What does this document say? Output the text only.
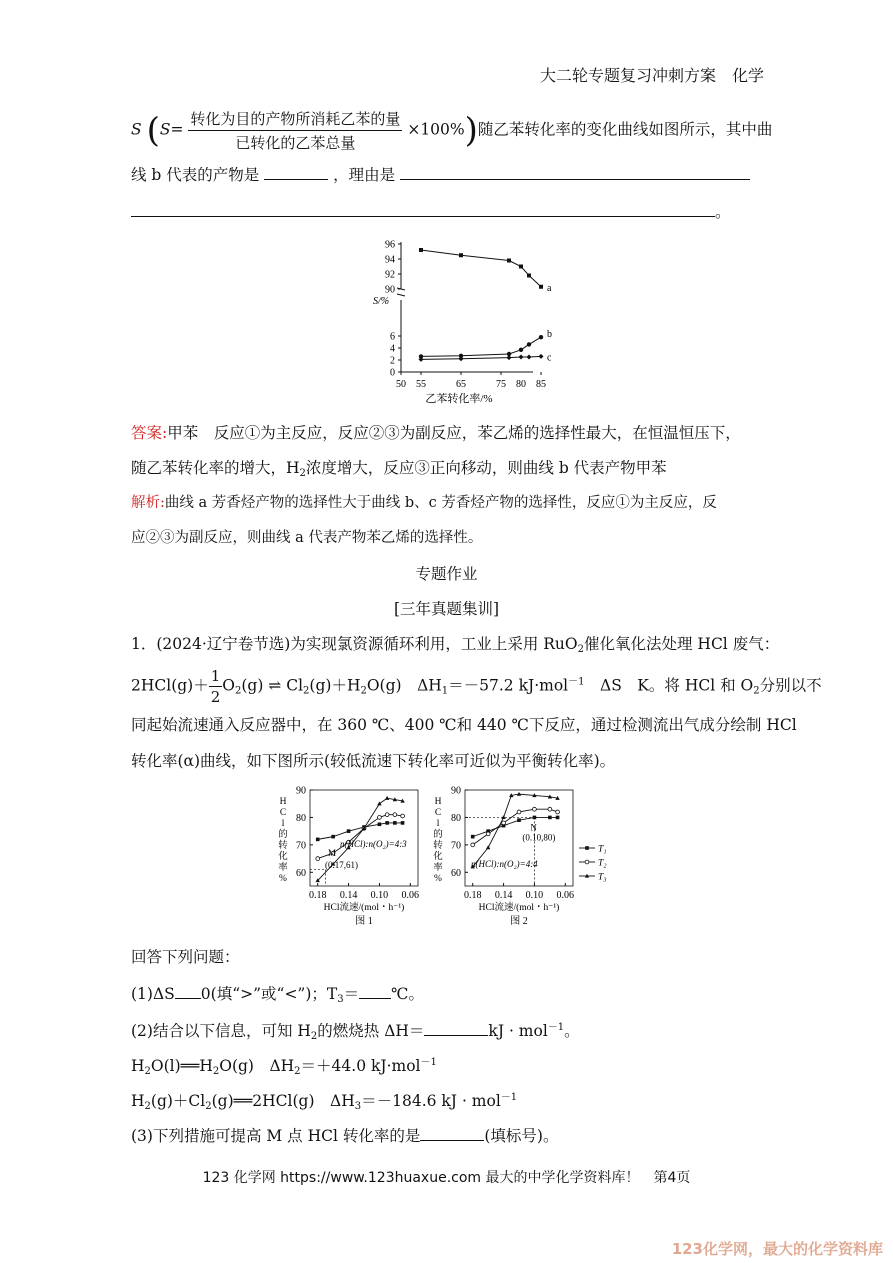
大二轮专题复习冲刺方案　化学
S $(S= \frac{\text{转化为目的产物所消耗乙苯的量}}{\text{已转化的乙苯总量}} \times 100\%)$随乙苯转化率的变化曲线如图所示，其中曲
线 b 代表的产物是	，理由是
。
96
94
92
90
6
4
2
0
50 55	65	75	85
80
a
b
c
S/%
乙苯转化率/%
答案:甲苯　反应①为主反应，反应②③为副反应，苯乙烯的选择性最大，在恒温恒压下，
随乙苯转化率的增大，$H_2$浓度增大，反应③正向移动，则曲线 b 代表产物甲苯
解析:曲线 a 芳香烃产物的选择性大于曲线 b、c 芳香烃产物的选择性，反应①为主反应，反
应②③为副反应，则曲线 a 代表产物苯乙烯的选择性。
专题作业
[三年真题集训]
1．(2024·辽宁卷节选)为实现氯资源循环利用，工业上采用 RuO$_2$催化氧化法处理 HCl 废气：
$2HCl(g)+ \frac{1}{2} O_2(g)$ ⇌ $Cl_2(g)+H_2O(g)$　$\Delta H_1=-57.2$ kJ·mol$^{-1}$　ΔS　K。将 HCl 和 $O_2$分别以不
同起始流速通入反应器中，在 360 ℃、400 ℃和 440 ℃下反应，通过检测流出气成分绘制 HCl
转化率(α)曲线，如下图所示(较低流速下转化率可近似为平衡转化率)。
90
80
70
60
0.18 0.14 0.10 0.06
H
C
l
的
转
化
率
%
HCl流速/(mol・h⁻¹)
图 1
n(HCl):n(O₂)=4:3
M
(0.17,61)
90
80
70
60
0.18 0.14 0.10 0.06
H
C
l
的
转
化
率
%
HCl流速/(mol・h⁻¹)
图 2
N
(0.10,80)
n(HCl):n(O₂)=4:4
T₁
T₂
T₃
回答下列问题：
(1)ΔS 0(填“>”或“<”)；$T_3=$ ℃。
(2)结合以下信息，可知 $H_2$的燃烧热 ΔH＝	kJ · mol$^{-1}$。
$H_2O(l)══H_2O(g)$　$\Delta H_2=+44.0$ kJ·mol$^{-1}$
$H_2(g)+Cl_2(g)══2HCl(g)$　$\Delta H_3=-184.6$ kJ · mol$^{-1}$
(3)下列措施可提高 M 点 HCl 转化率的是	(填标号)。
123 化学网 https://www.123huaxue.com 最大的中学化学资料库！　第4页
123化学网，最大的化学资料库
